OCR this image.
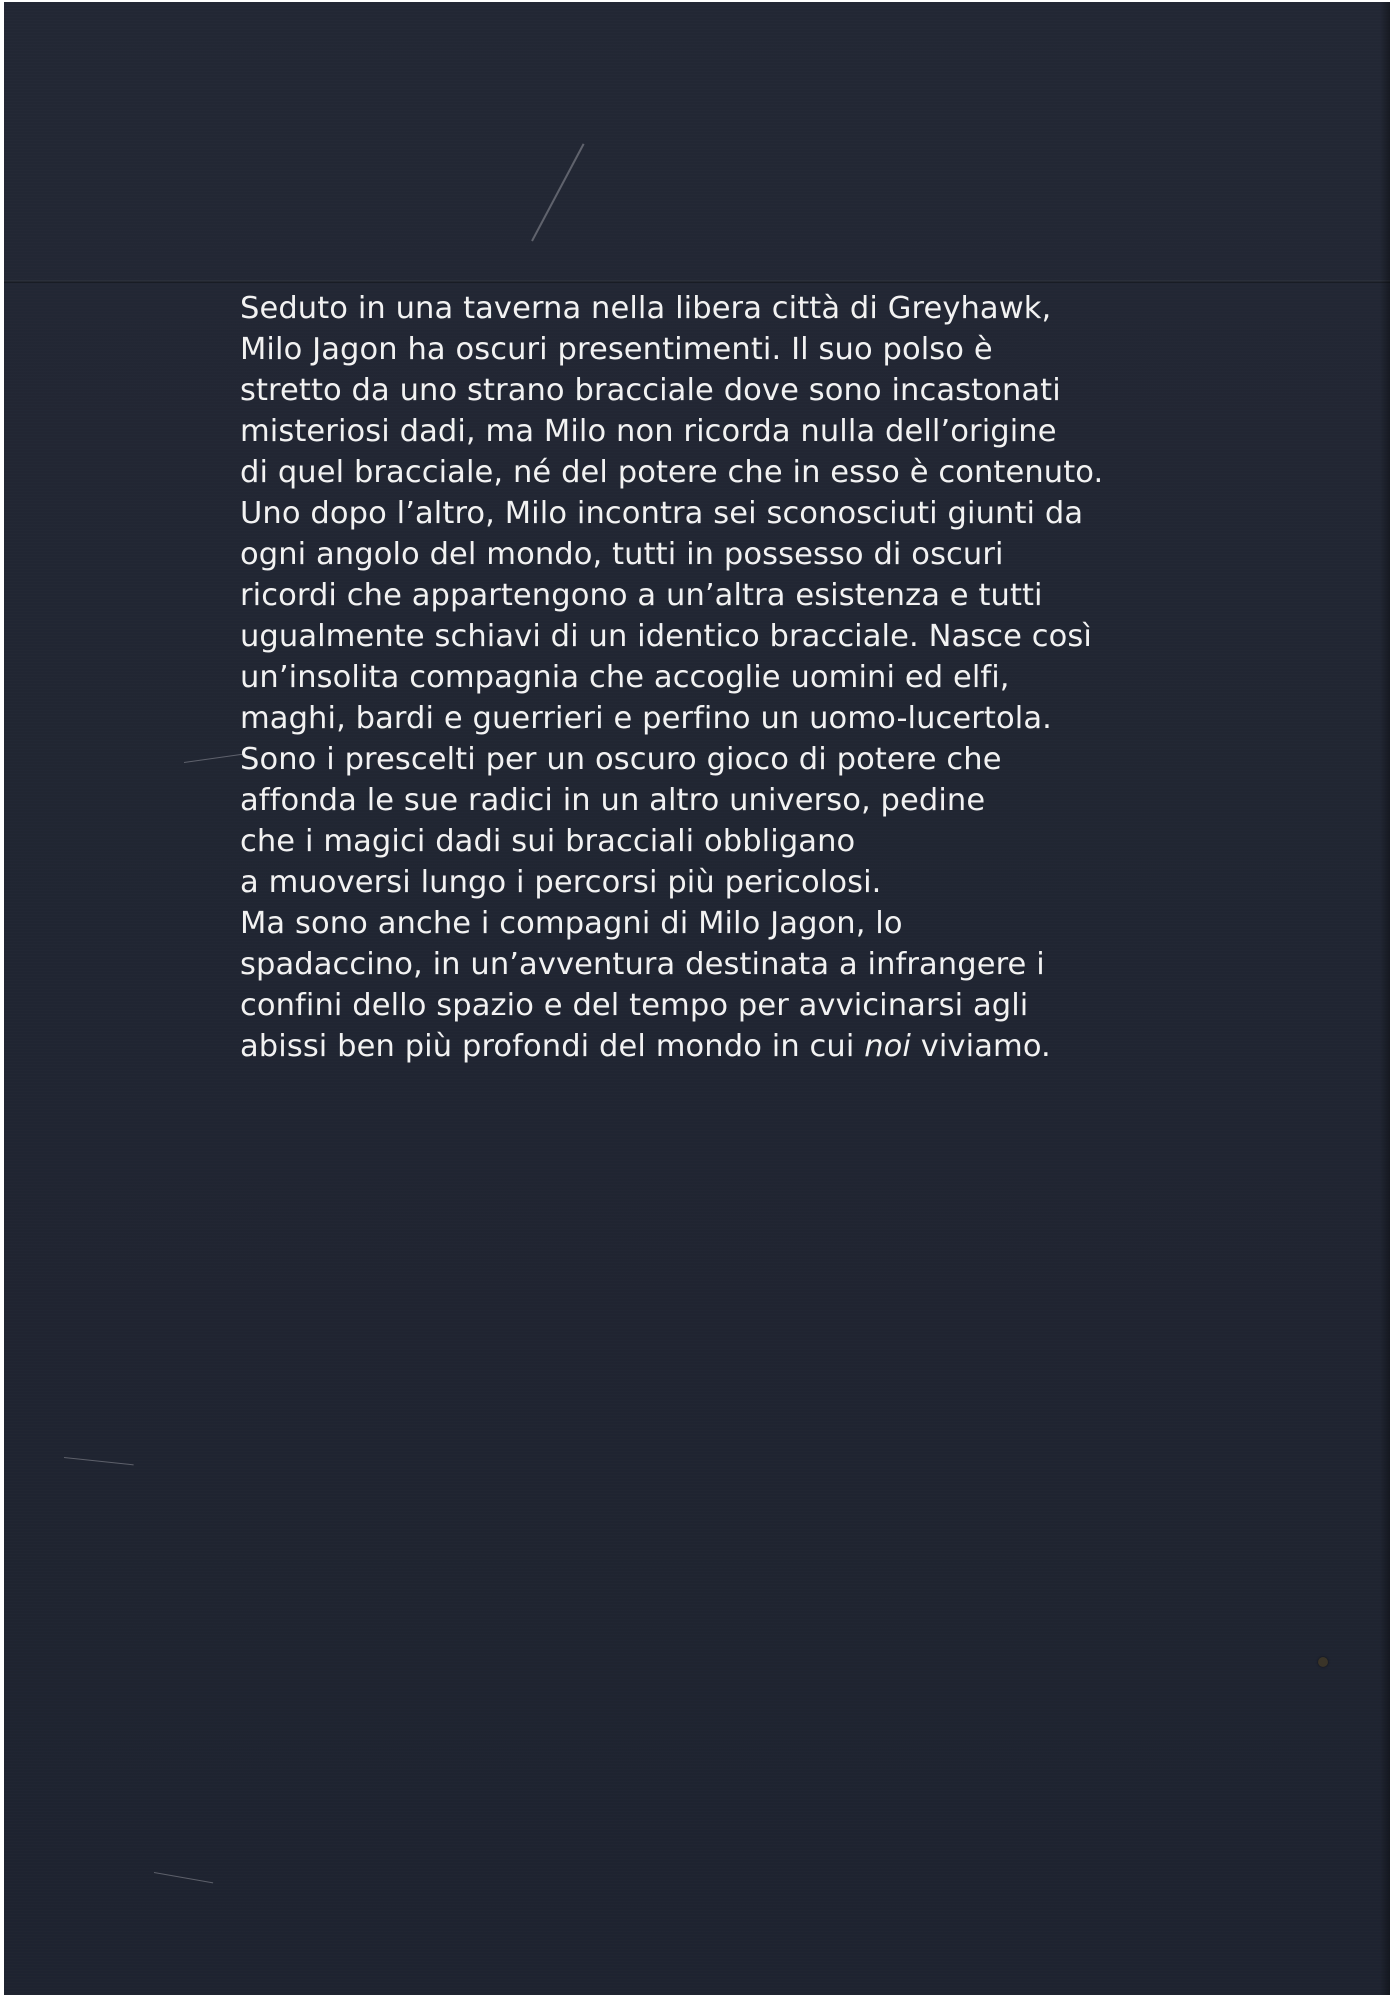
Seduto in una taverna nella libera città di Greyhawk,
Milo Jagon ha oscuri presentimenti. Il suo polso è
stretto da uno strano bracciale dove sono incastonati
misteriosi dadi, ma Milo non ricorda nulla dell’origine
di quel bracciale, né del potere che in esso è contenuto.
Uno dopo l’altro, Milo incontra sei sconosciuti giunti da
ogni angolo del mondo, tutti in possesso di oscuri
ricordi che appartengono a un’altra esistenza e tutti
ugualmente schiavi di un identico bracciale. Nasce così
un’insolita compagnia che accoglie uomini ed elfi,
maghi, bardi e guerrieri e perfino un uomo-lucertola.
Sono i prescelti per un oscuro gioco di potere che
affonda le sue radici in un altro universo, pedine
che i magici dadi sui bracciali obbligano
a muoversi lungo i percorsi più pericolosi.
Ma sono anche i compagni di Milo Jagon, lo
spadaccino, in un’avventura destinata a infrangere i
confini dello spazio e del tempo per avvicinarsi agli
abissi ben più profondi del mondo in cui noi viviamo.
